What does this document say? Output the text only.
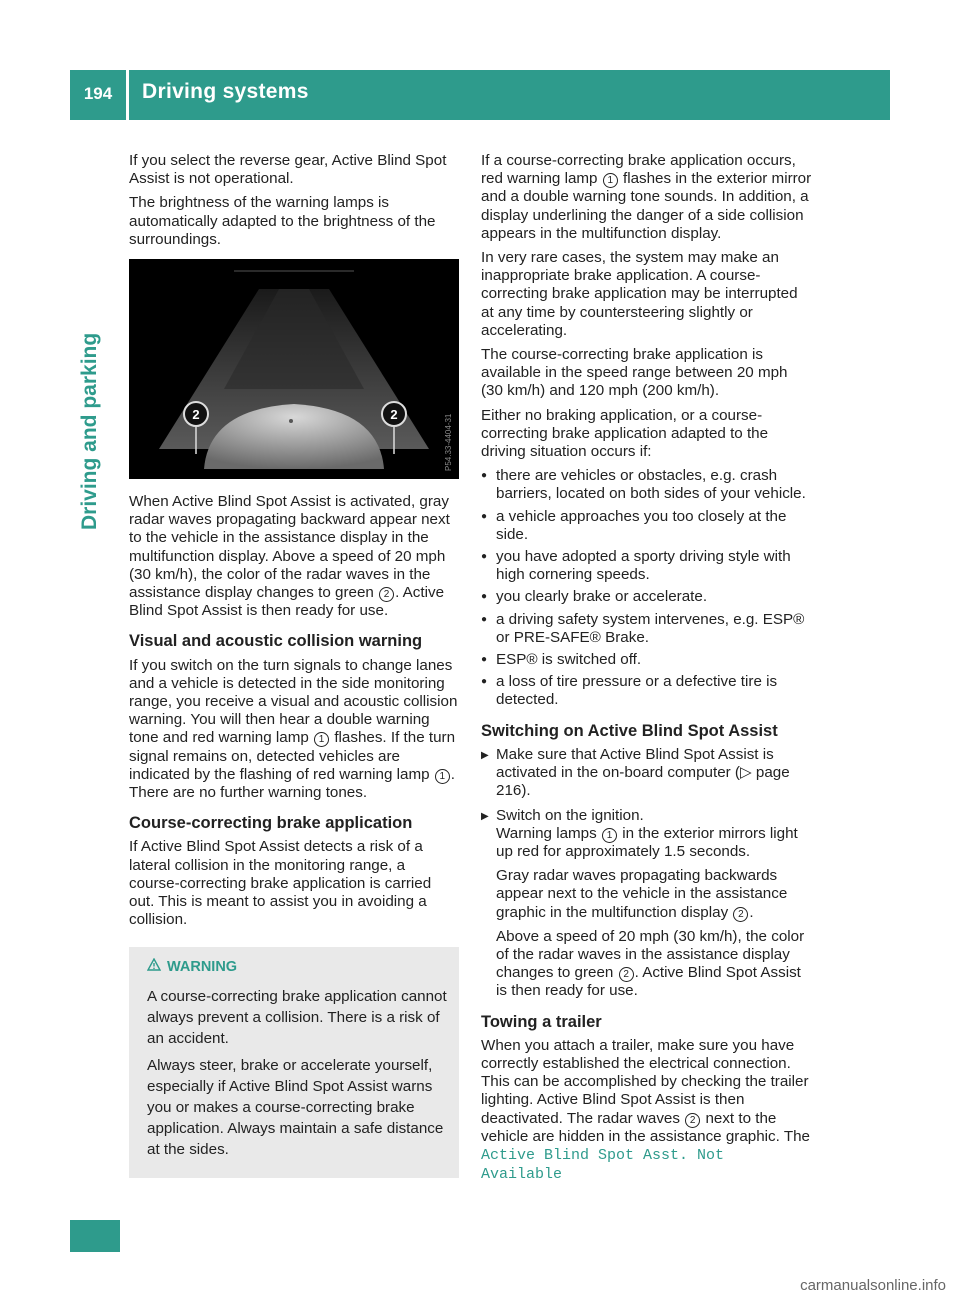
194	Driving systems
Driving and parking

If you select the reverse gear, Active Blind Spot Assist is not operational.

The brightness of the warning lamps is automatically adapted to the brightness of the surroundings.

2	2	P54.33-4404-31

When Active Blind Spot Assist is activated, gray radar waves propagating backward appear next to the vehicle in the assistance display in the multifunction display. Above a speed of 20 mph (30 km/h), the color of the radar waves in the assistance display changes to green 2 . Active Blind Spot Assist is then ready for use.

Visual and acoustic collision warning

If you switch on the turn signals to change lanes and a vehicle is detected in the side monitoring range, you receive a visual and acoustic collision warning. You will then hear a double warning tone and red warning lamp 1 flashes. If the turn signal remains on, detected vehicles are indicated by the flashing of red warning lamp 1 . There are no further warning tones.

Course-correcting brake application

If Active Blind Spot Assist detects a risk of a lateral collision in the monitoring range, a course-correcting brake application is carried out. This is meant to assist you in avoiding a collision.

WARNING

A course-correcting brake application cannot always prevent a collision. There is a risk of an accident.

Always steer, brake or accelerate yourself, especially if Active Blind Spot Assist warns you or makes a course-correcting brake application. Always maintain a safe distance at the sides.

If a course-correcting brake application occurs, red warning lamp 1 flashes in the exterior mirror and a double warning tone sounds. In addition, a display underlining the danger of a side collision appears in the multifunction display.

In very rare cases, the system may make an inappropriate brake application. A course-correcting brake application may be interrupted at any time by countersteering slightly or accelerating.

The course-correcting brake application is available in the speed range between 20 mph (30 km/h) and 120 mph (200 km/h).

Either no braking application, or a course-correcting brake application adapted to the driving situation occurs if:

● there are vehicles or obstacles, e.g. crash barriers, located on both sides of your vehicle.
● a vehicle approaches you too closely at the side.
● you have adopted a sporty driving style with high cornering speeds.
● you clearly brake or accelerate.
● a driving safety system intervenes, e.g. ESP® or PRE-SAFE® Brake.
● ESP® is switched off.
● a loss of tire pressure or a defective tire is detected.
Switching on Active Blind Spot Assist
▶ Make sure that Active Blind Spot Assist is activated in the on-board computer (▷ page 216).

▶ Switch on the ignition.

Warning lamps 1 in the exterior mirrors light up red for approximately 1.5 seconds.

Gray radar waves propagating backwards appear next to the vehicle in the assistance graphic in the multifunction display 2 .

Above a speed of 20 mph (30 km/h), the color of the radar waves in the assistance display changes to green 2 . Active Blind Spot Assist is then ready for use.

Towing a trailer

When you attach a trailer, make sure you have correctly established the electrical connection. This can be accomplished by checking the trailer lighting. Active Blind Spot Assist is then deactivated. The radar waves 2 next to the vehicle are hidden in the assistance graphic. The
Active Blind Spot Asst. Not Available

carmanualsonline.info
